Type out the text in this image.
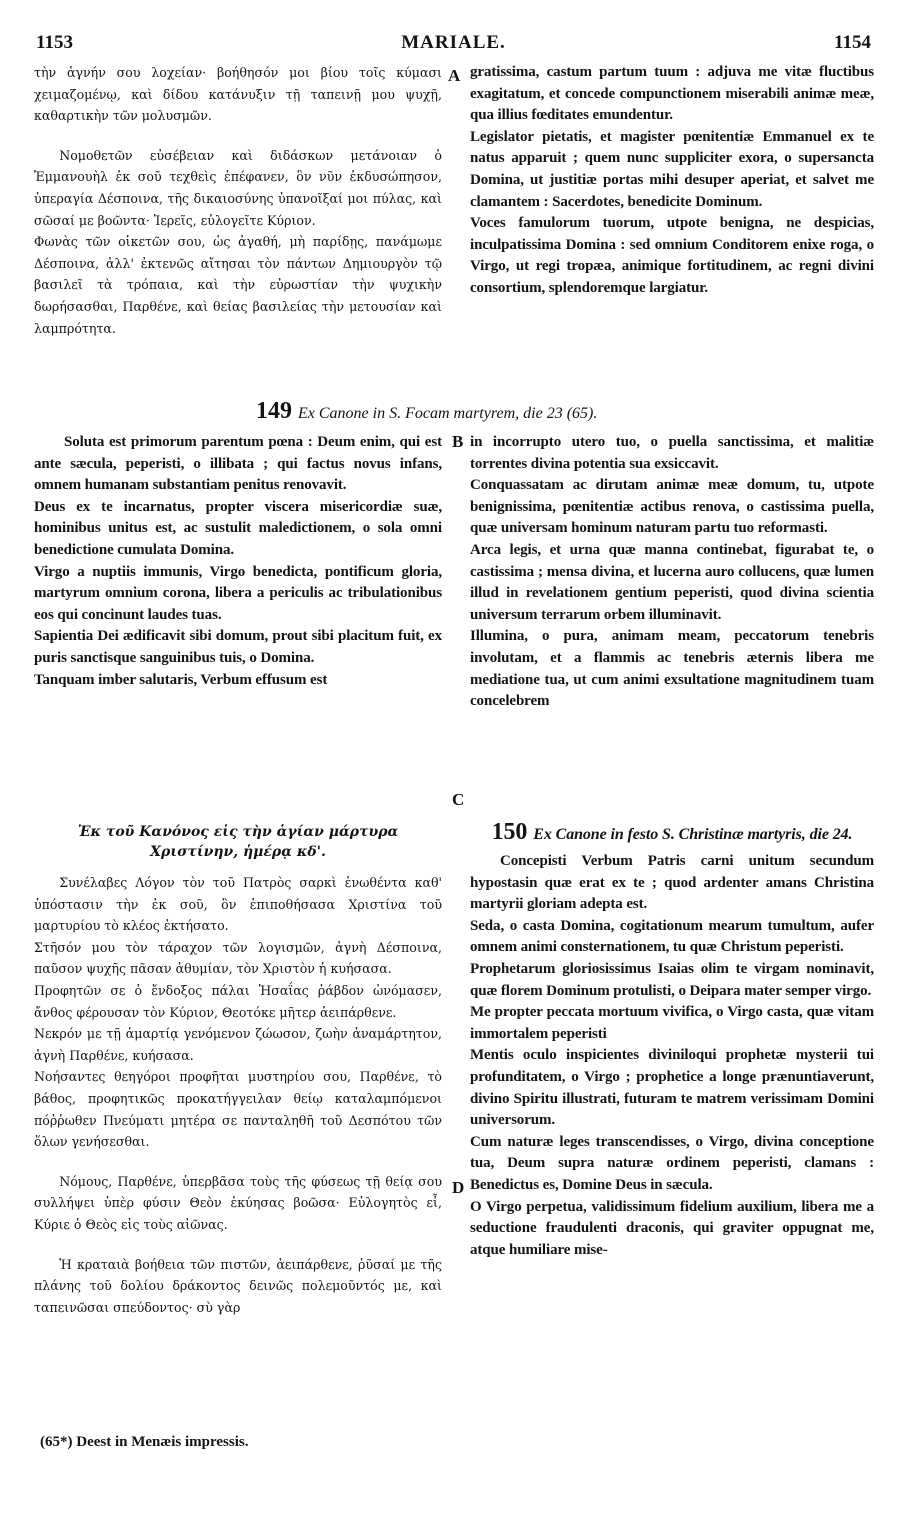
1153	MARIALE.	1154

τὴν ἁγνήν σου λοχείαν· βοήθησόν μοι βίου τοῖς κύμασι χειμαζομένῳ, καὶ δίδου κατάνυξιν τῇ ταπεινῇ μου ψυχῇ, καθαρτικὴν τῶν μολυσμῶν.

Νομοθετῶν εὐσέβειαν καὶ διδάσκων μετάνοιαν ὁ Ἐμμανουὴλ ἐκ σοῦ τεχθεὶς ἐπέφανεν, ὃν νῦν ἐκδυσώπησον, ὑπεραγία Δέσποινα, τῆς δικαιοσύνης ὑπανοῖξαί μοι πύλας, καὶ σῶσαί με βοῶντα· Ἱερεῖς, εὐλογεῖτε Κύριον.

Φωνὰς τῶν οἰκετῶν σου, ὡς ἀγαθή, μὴ παρίδῃς, πανάμωμε Δέσποινα, ἀλλ' ἐκτενῶς αἴτησαι τὸν πάντων Δημιουργὸν τῷ βασιλεῖ τὰ τρόπαια, καὶ τὴν εὐρωστίαν τὴν ψυχικὴν δωρήσασθαι, Παρθένε, καὶ θείας βασιλείας τὴν μετουσίαν καὶ λαμπρότητα.

A gratissima, castum partum tuum : adjuva me vitæ fluctibus exagitatum, et concede compunctionem miserabili animæ meæ, qua illius fœditates emundentur.

Legislator pietatis, et magister pœnitentiæ Emmanuel ex te natus apparuit ; quem nunc suppliciter exora, o supersancta Domina, ut justitiæ portas mihi desuper aperiat, et salvet me clamantem : Sacerdotes, benedicite Dominum.

Voces famulorum tuorum, utpote benigna, ne despicias, inculpatissima Domina : sed omnium Conditorem enixe roga, o Virgo, ut regi tropæa, animique fortitudinem, ac regni divini consortium, splendoremque largiatur.

149 Ex Canone in S. Focam martyrem, die 23 (65).

Soluta est primorum parentum pœna : Deum enim, qui est ante sæcula, peperisti, o illibata ; qui factus novus infans, omnem humanam substantiam penitus renovavit.

Deus ex te incarnatus, propter viscera misericordiæ suæ, hominibus unitus est, ac sustulit maledictionem, o sola omni benedictione cumulata Domina.

Virgo a nuptiis immunis, Virgo benedicta, pontificum gloria, martyrum omnium corona, libera a periculis ac tribulationibus eos qui concinunt laudes tuas.

Sapientia Dei ædificavit sibi domum, prout sibi placitum fuit, ex puris sanctisque sanguinibus tuis, o Domina.

Tanquam imber salutaris, Verbum effusum est

B
C

in incorrupto utero tuo, o puella sanctissima, et malitiæ torrentes divina potentia sua exsiccavit.

Conquassatam ac dirutam animæ meæ domum, tu, utpote benignissima, pœnitentiæ actibus renova, o castissima puella, quæ universam hominum naturam partu tuo reformasti.

Arca legis, et urna quæ manna continebat, figurabat te, o castissima ; mensa divina, et lucerna auro collucens, quæ lumen illud in revelationem gentium peperisti, quod divina scientia universum terrarum orbem illuminavit.

Illumina, o pura, animam meam, peccatorum tenebris involutam, et a flammis ac tenebris æternis libera me mediatione tua, ut cum animi exsultatione magnitudinem tuam concelebrem

Ἐκ τοῦ Κανόνος εἰς τὴν ἁγίαν μάρτυρα Χριστίνην, ἡμέρᾳ κδ'.

Συνέλαβες Λόγον τὸν τοῦ Πατρὸς σαρκὶ ἑνωθέντα καθ' ὑπόστασιν τὴν ἐκ σοῦ, ὃν ἐπιποθήσασα Χριστίνα τοῦ μαρτυρίου τὸ κλέος ἐκτήσατο.

Στῆσόν μου τὸν τάραχον τῶν λογισμῶν, ἁγνὴ Δέσποινα, παῦσον ψυχῆς πᾶσαν ἀθυμίαν, τὸν Χριστὸν ἡ κυήσασα.

Προφητῶν σε ὁ ἔνδοξος πάλαι Ἡσαΐας ῥάβδον ὠνόμασεν, ἄνθος φέρουσαν τὸν Κύριον, Θεοτόκε μῆτερ ἀειπάρθενε.

Νεκρόν με τῇ ἁμαρτίᾳ γενόμενον ζώωσον, ζωὴν ἀναμάρτητον, ἁγνὴ Παρθένε, κυήσασα.

Νοήσαντες θεηγόροι προφῆται μυστηρίου σου, Παρθένε, τὸ βάθος, προφητικῶς προκατήγγειλαν θείῳ καταλαμπόμενοι πόῤῥωθεν Πνεύματι μητέρα σε πανταληθῆ τοῦ Δεσπότου τῶν ὅλων γενήσεσθαι.

Νόμους, Παρθένε, ὑπερβᾶσα τοὺς τῆς φύσεως τῇ θείᾳ σου συλλήψει ὑπὲρ φύσιν Θεὸν ἐκύησας βοῶσα· Εὐλογητὸς εἶ, Κύριε ὁ Θεὸς εἰς τοὺς αἰῶνας.

Ἡ κραταιὰ βοήθεια τῶν πιστῶν, ἀειπάρθενε, ῥῦσαί με τῆς πλάνης τοῦ δολίου δράκοντος δεινῶς πολεμοῦντός με, καὶ ταπεινῶσαι σπεύδοντος· σὺ γὰρ

D
150 Ex Canone in festo S. Christinæ martyris, die 24.

Concepisti Verbum Patris carni unitum secundum hypostasin quæ erat ex te ; quod ardenter amans Christina martyrii gloriam adepta est.

Seda, o casta Domina, cogitationum mearum tumultum, aufer omnem animi consternationem, tu quæ Christum peperisti.

Prophetarum gloriosissimus Isaias olim te virgam nominavit, quæ florem Dominum protulisti, o Deipara mater semper virgo.

Me propter peccata mortuum vivifica, o Virgo casta, quæ vitam immortalem peperisti

Mentis oculo inspicientes diviniloqui prophetæ mysterii tui profunditatem, o Virgo ; prophetice a longe prænuntiaverunt, divino Spiritu illustrati, futuram te matrem verissimam Domini universorum.

Cum naturæ leges transcendisses, o Virgo, divina conceptione tua, Deum supra naturæ ordinem peperisti, clamans : Benedictus es, Domine Deus in sæcula.

O Virgo perpetua, validissimum fidelium auxilium, libera me a seductione fraudulenti draconis, qui graviter oppugnat me, atque humiliare mise-

(65*) Deest in Menæis impressis.
